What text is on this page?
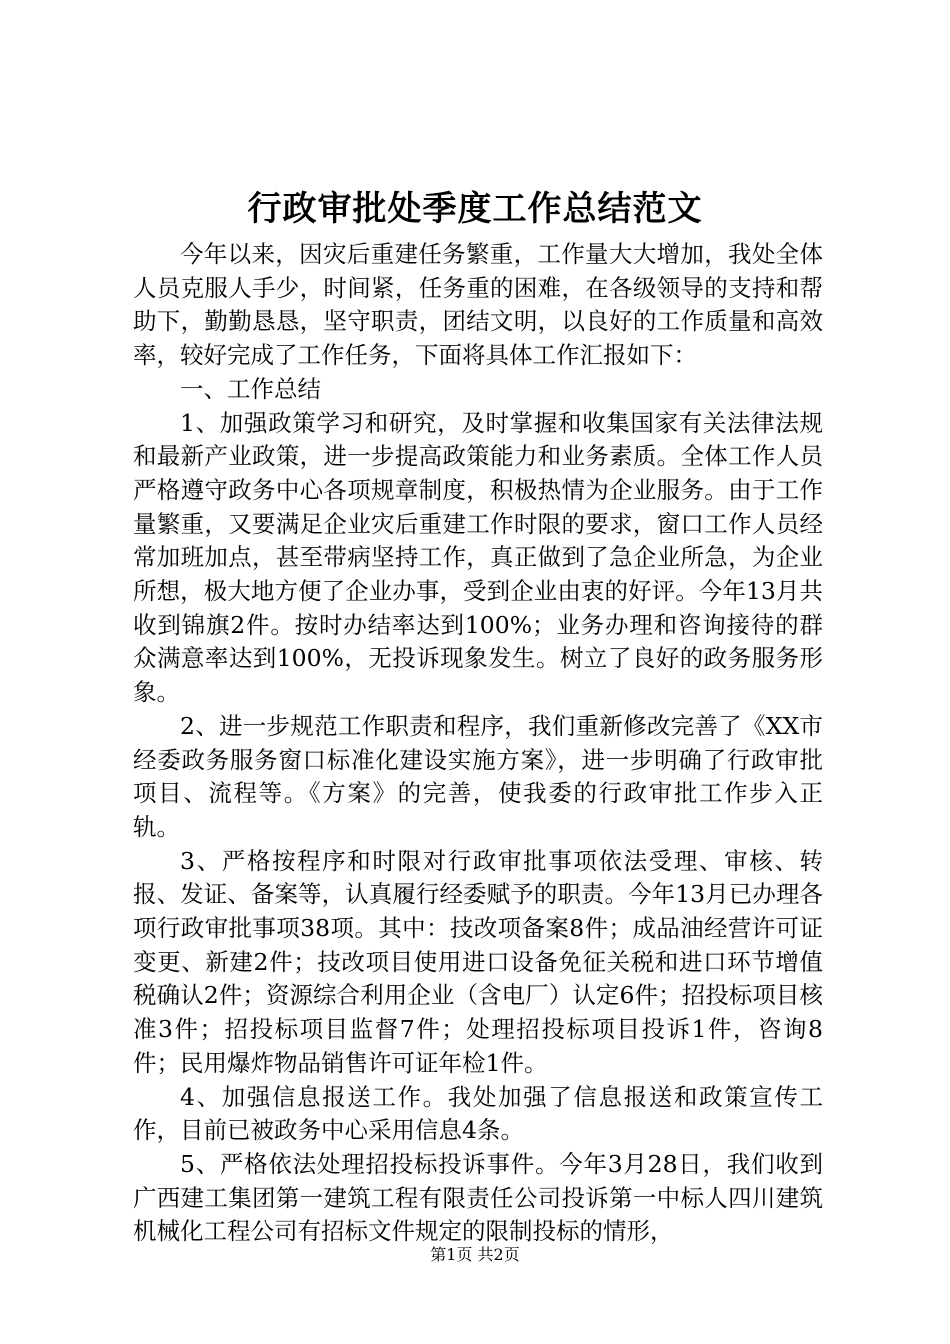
行政审批处季度工作总结范文

今年以来，因灾后重建任务繁重，工作量大大增加，我处全体人员克服人手少，时间紧，任务重的困难，在各级领导的支持和帮助下，勤勤恳恳，坚守职责，团结文明，以良好的工作质量和高效率，较好完成了工作任务，下面将具体工作汇报如下：

一、工作总结

1、加强政策学习和研究，及时掌握和收集国家有关法律法规和最新产业政策，进一步提高政策能力和业务素质。全体工作人员严格遵守政务中心各项规章制度，积极热情为企业服务。由于工作量繁重，又要满足企业灾后重建工作时限的要求，窗口工作人员经常加班加点，甚至带病坚持工作，真正做到了急企业所急，为企业所想，极大地方便了企业办事，受到企业由衷的好评。今年13月共收到锦旗2件。按时办结率达到100%；业务办理和咨询接待的群众满意率达到100%，无投诉现象发生。树立了良好的政务服务形象。

2、进一步规范工作职责和程序，我们重新修改完善了《XX市经委政务服务窗口标准化建设实施方案》，进一步明确了行政审批项目、流程等。《方案》的完善，使我委的行政审批工作步入正轨。

3、严格按程序和时限对行政审批事项依法受理、审核、转报、发证、备案等，认真履行经委赋予的职责。今年13月已办理各项行政审批事项38项。其中：技改项备案8件；成品油经营许可证变更、新建2件；技改项目使用进口设备免征关税和进口环节增值税确认2件；资源综合利用企业（含电厂）认定6件；招投标项目核准3件；招投标项目监督7件；处理招投标项目投诉1件，咨询8件；民用爆炸物品销售许可证年检1件。

4、加强信息报送工作。我处加强了信息报送和政策宣传工作，目前已被政务中心采用信息4条。

5、严格依法处理招投标投诉事件。今年3月28日，我们收到广西建工集团第一建筑工程有限责任公司投诉第一中标人四川建筑机械化工程公司有招标文件规定的限制投标的情形，

第1页 共2页
